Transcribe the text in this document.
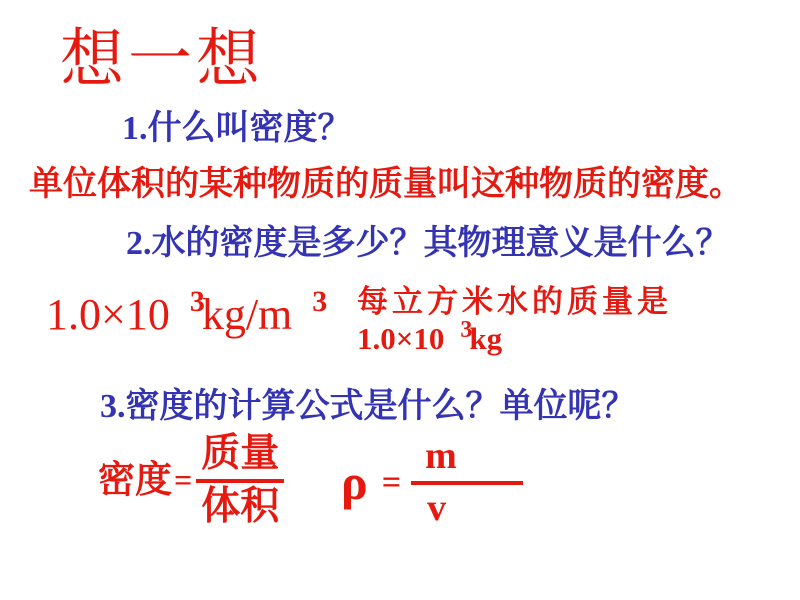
想一想
1.什么叫密度？
单位体积的某种物质的质量叫这种物质的密度。
2.水的密度是多少？其物理意义是什么？
1.0×10 3kg/m 3 每立方米水的质量是
1.0×10 3kg
3.密度的计算公式是什么？单位呢？
密度 = $\frac{\text{质量}}{\text{体积}}$ $\rho = \frac{m}{v}$
